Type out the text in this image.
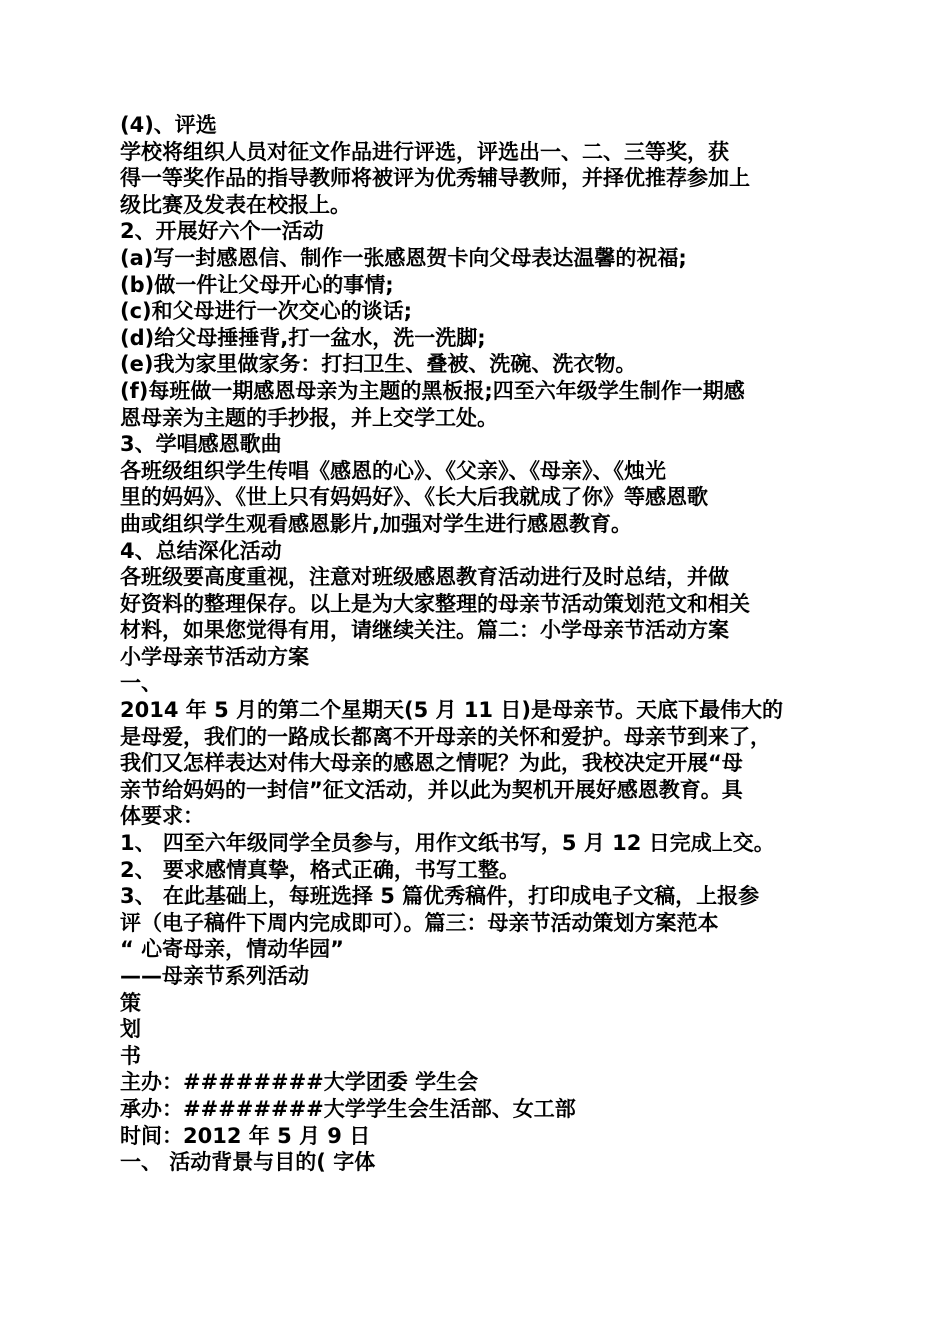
(4)、评选
学校将组织人员对征文作品进行评选，评选出一、二、三等奖，获
得一等奖作品的指导教师将被评为优秀辅导教师，并择优推荐参加上
级比赛及发表在校报上。
2、开展好六个一活动
(a)写一封感恩信、制作一张感恩贺卡向父母表达温馨的祝福;
(b)做一件让父母开心的事情;
(c)和父母进行一次交心的谈话;
(d)给父母捶捶背,打一盆水，洗一洗脚;
(e)我为家里做家务：打扫卫生、叠被、洗碗、洗衣物。
(f)每班做一期感恩母亲为主题的黑板报;四至六年级学生制作一期感
恩母亲为主题的手抄报，并上交学工处。
3、学唱感恩歌曲
各班级组织学生传唱《感恩的心》、《父亲》、《母亲》、《烛光
里的妈妈》、《世上只有妈妈好》、《长大后我就成了你》等感恩歌
曲或组织学生观看感恩影片,加强对学生进行感恩教育。
4、总结深化活动
各班级要高度重视，注意对班级感恩教育活动进行及时总结，并做
好资料的整理保存。以上是为大家整理的母亲节活动策划范文和相关
材料，如果您觉得有用，请继续关注。篇二：小学母亲节活动方案
小学母亲节活动方案
一、
2014 年 5 月的第二个星期天(5 月 11 日)是母亲节。天底下最伟大的
是母爱，我们的一路成长都离不开母亲的关怀和爱护。母亲节到来了，
我们又怎样表达对伟大母亲的感恩之情呢？为此，我校决定开展“母
亲节给妈妈的一封信”征文活动，并以此为契机开展好感恩教育。具
体要求：
1、 四至六年级同学全员参与，用作文纸书写，5 月 12 日完成上交。
2、 要求感情真挚，格式正确，书写工整。
3、 在此基础上，每班选择 5 篇优秀稿件，打印成电子文稿，上报参
评（电子稿件下周内完成即可）。篇三：母亲节活动策划方案范本
“ 心寄母亲，情动华园”
——母亲节系列活动
策
划
书
主办：########大学团委 学生会
承办：########大学学生会生活部、女工部
时间：2012 年 5 月 9 日
一、 活动背景与目的( 字体
